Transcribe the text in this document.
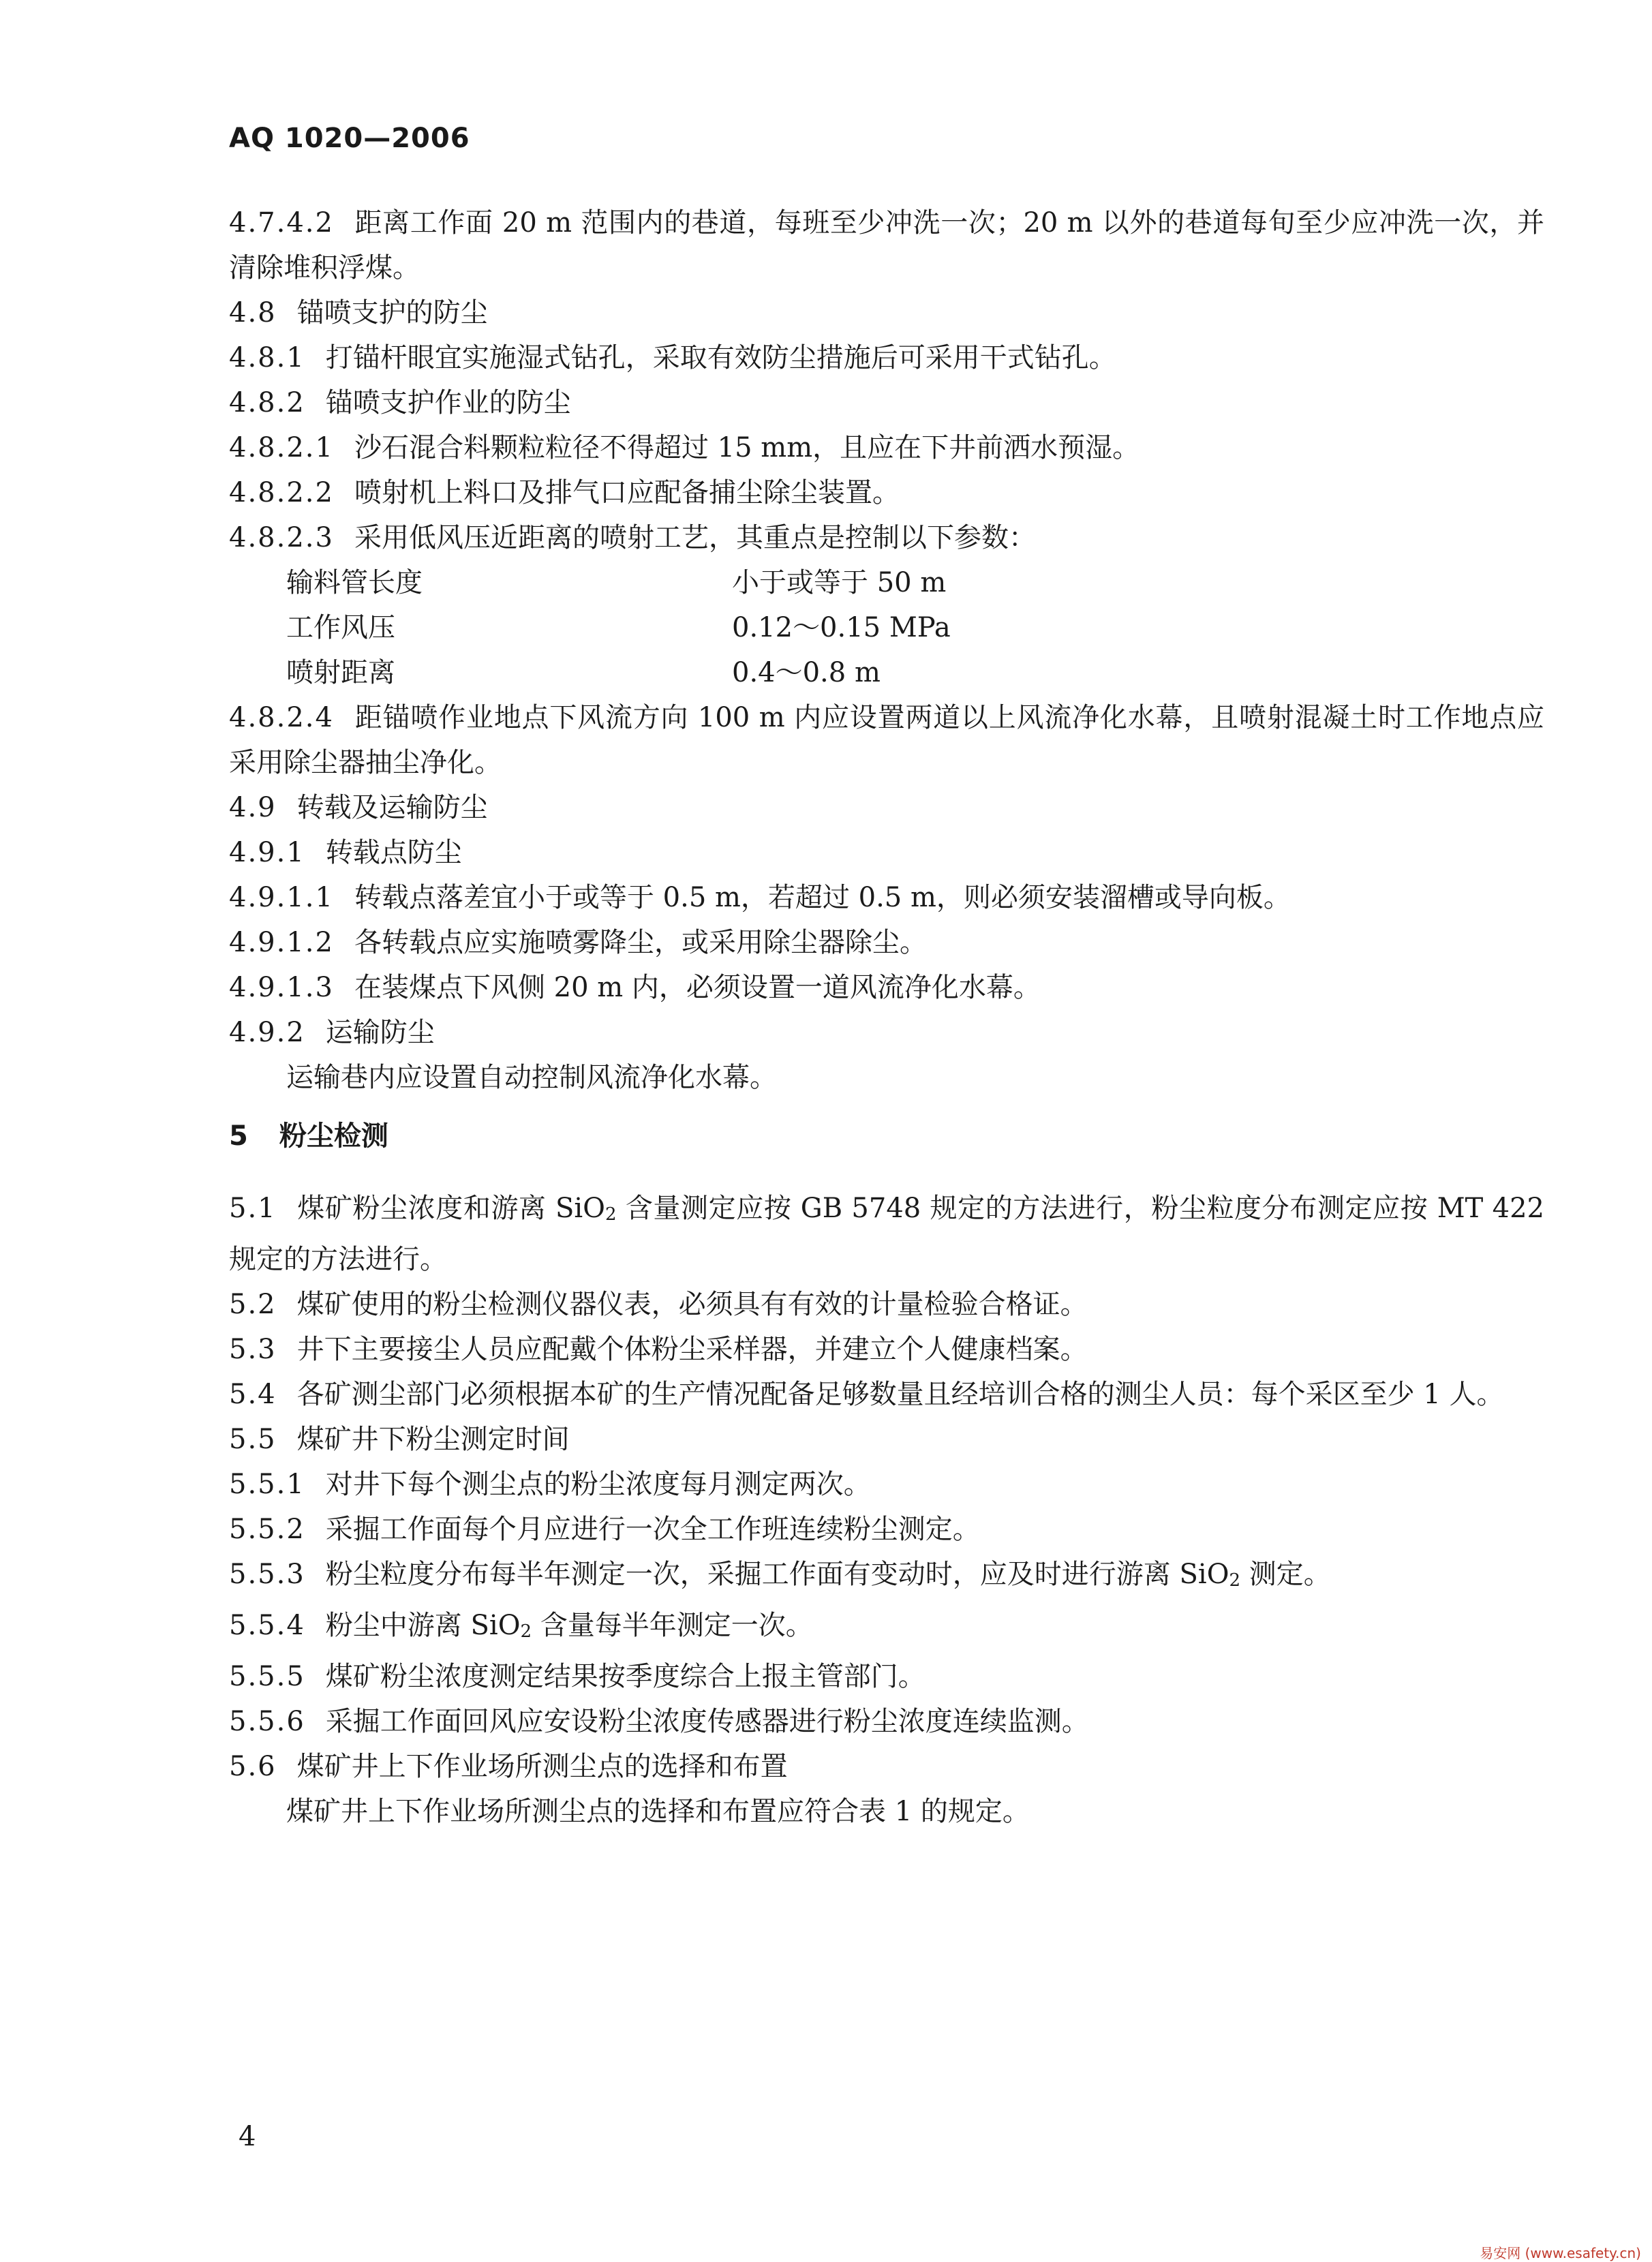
AQ 1020—2006

4.7.4.2 距离工作面 20 m 范围内的巷道，每班至少冲洗一次；20 m 以外的巷道每旬至少应冲洗一次，并清除堆积浮煤。

4.8 锚喷支护的防尘

4.8.1 打锚杆眼宜实施湿式钻孔，采取有效防尘措施后可采用干式钻孔。

4.8.2 锚喷支护作业的防尘

4.8.2.1 沙石混合料颗粒粒径不得超过 15 mm，且应在下井前洒水预湿。

4.8.2.2 喷射机上料口及排气口应配备捕尘除尘装置。

4.8.2.3 采用低风压近距离的喷射工艺，其重点是控制以下参数：

输料管长度	小于或等于 50 m
工作风压	0.12～0.15 MPa
喷射距离	0.4～0.8 m

4.8.2.4 距锚喷作业地点下风流方向 100 m 内应设置两道以上风流净化水幕，且喷射混凝土时工作地点应采用除尘器抽尘净化。

4.9 转载及运输防尘

4.9.1 转载点防尘

4.9.1.1 转载点落差宜小于或等于 0.5 m，若超过 0.5 m，则必须安装溜槽或导向板。

4.9.1.2 各转载点应实施喷雾降尘，或采用除尘器除尘。

4.9.1.3 在装煤点下风侧 20 m 内，必须设置一道风流净化水幕。

4.9.2 运输防尘

运输巷内应设置自动控制风流净化水幕。

5 粉尘检测

5.1 煤矿粉尘浓度和游离 SiO$_2$ 含量测定应按 GB 5748 规定的方法进行，粉尘粒度分布测定应按 MT 422 规定的方法进行。

5.2 煤矿使用的粉尘检测仪器仪表，必须具有有效的计量检验合格证。

5.3 井下主要接尘人员应配戴个体粉尘采样器，并建立个人健康档案。

5.4 各矿测尘部门必须根据本矿的生产情况配备足够数量且经培训合格的测尘人员：每个采区至少 1 人。

5.5 煤矿井下粉尘测定时间

5.5.1 对井下每个测尘点的粉尘浓度每月测定两次。

5.5.2 采掘工作面每个月应进行一次全工作班连续粉尘测定。

5.5.3 粉尘粒度分布每半年测定一次，采掘工作面有变动时，应及时进行游离 SiO$_2$ 测定。

5.5.4 粉尘中游离 SiO$_2$ 含量每半年测定一次。

5.5.5 煤矿粉尘浓度测定结果按季度综合上报主管部门。

5.5.6 采掘工作面回风应安设粉尘浓度传感器进行粉尘浓度连续监测。

5.6 煤矿井上下作业场所测尘点的选择和布置

煤矿井上下作业场所测尘点的选择和布置应符合表 1 的规定。

4
易安网 (www.esafety.cn)
